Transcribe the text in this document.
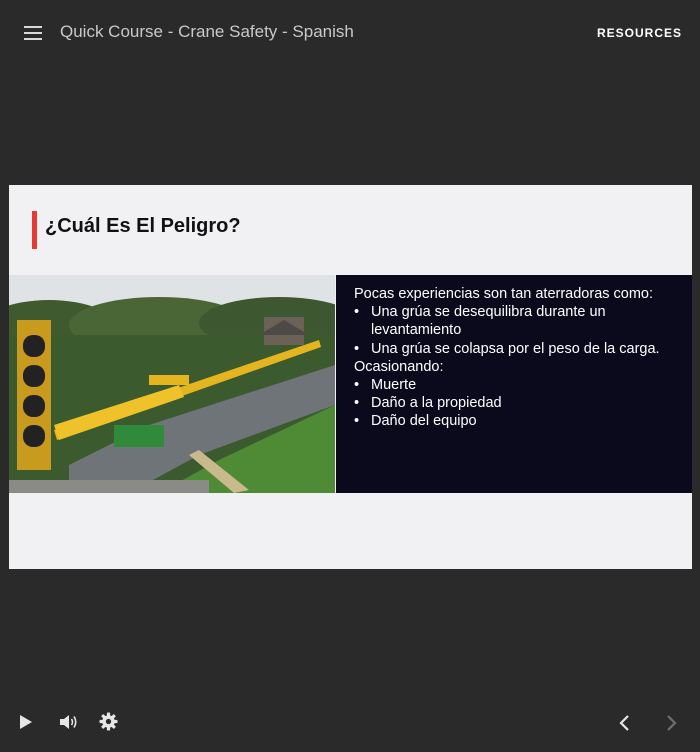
Quick Course - Crane Safety - Spanish	RESOURCES
¿Cuál Es El Peligro?

Pocas experiencias son tan aterradoras como:

• Una grúa se desequilibra durante un levantamiento
• Una grúa se colapsa por el peso de la carga.

Ocasionando:

• Muerte
• Daño a la propiedad
• Daño del equipo
